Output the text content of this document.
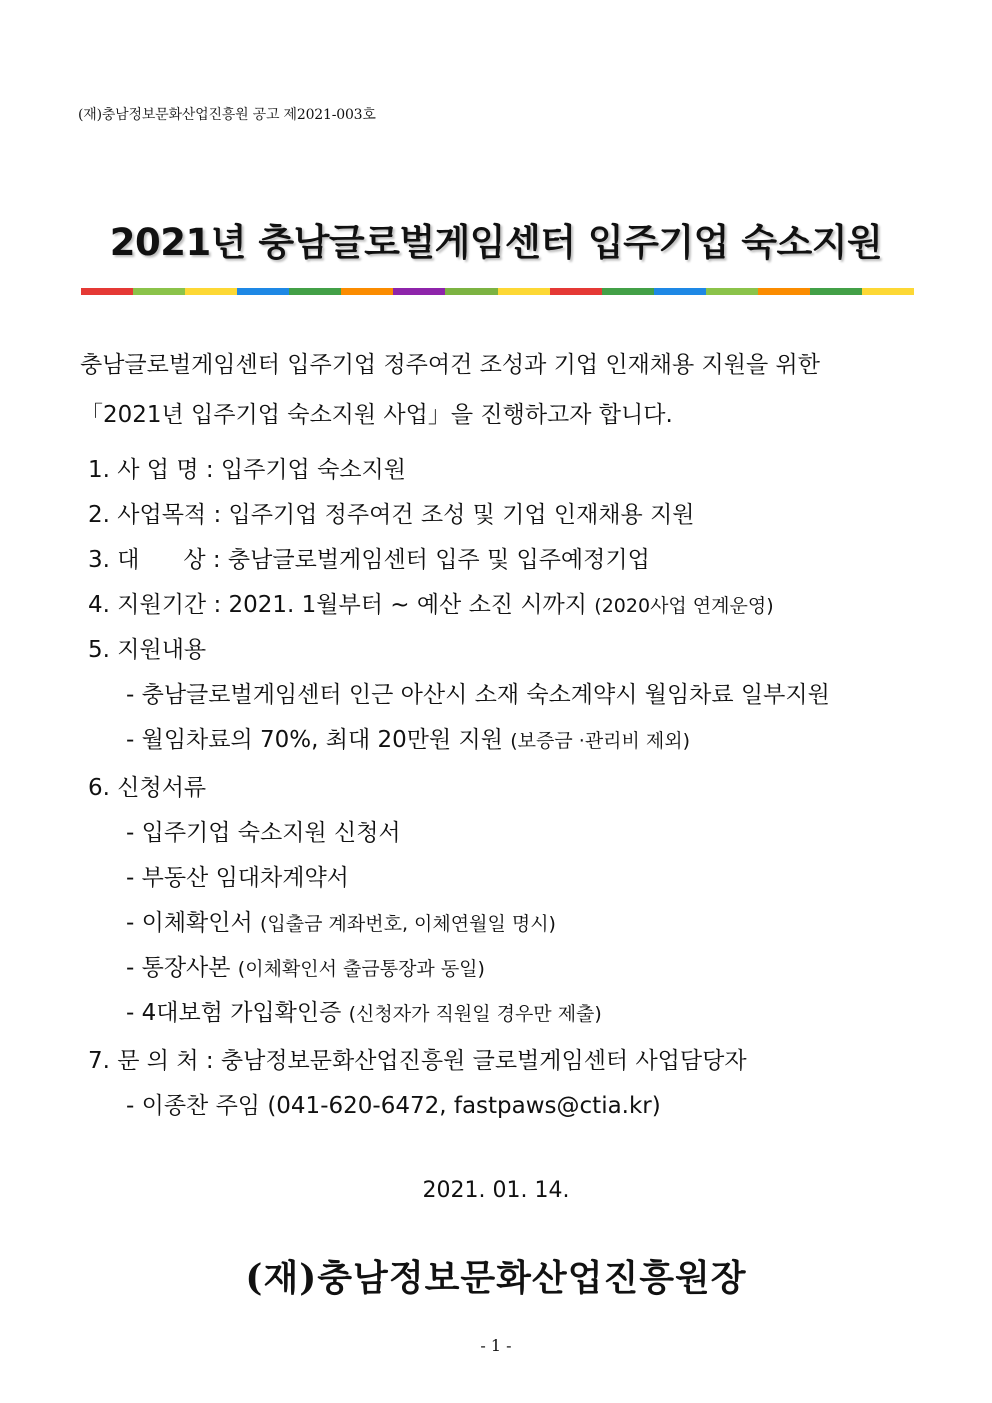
(재)충남정보문화산업진흥원 공고 제2021-003호
2021년 충남글로벌게임센터 입주기업 숙소지원
충남글로벌게임센터 입주기업 정주여건 조성과 기업 인재채용 지원을 위한
「2021년 입주기업 숙소지원 사업」을 진행하고자 합니다.
1. 사 업 명 : 입주기업 숙소지원
2. 사업목적 : 입주기업 정주여건 조성 및 기업 인재채용 지원
3. 대      상 : 충남글로벌게임센터 입주 및 입주예정기업
4. 지원기간 : 2021. 1월부터 ~ 예산 소진 시까지 (2020사업 연계운영)
5. 지원내용
- 충남글로벌게임센터 인근 아산시 소재 숙소계약시 월임차료 일부지원
- 월임차료의 70%, 최대 20만원 지원 (보증금 ·관리비 제외)
6. 신청서류
- 입주기업 숙소지원 신청서
- 부동산 임대차계약서
- 이체확인서 (입출금 계좌번호, 이체연월일 명시)
- 통장사본 (이체확인서 출금통장과 동일)
- 4대보험 가입확인증 (신청자가 직원일 경우만 제출)
7. 문 의 처 : 충남정보문화산업진흥원 글로벌게임센터 사업담당자
- 이종찬 주임 (041-620-6472, fastpaws@ctia.kr)
2021. 01. 14.
(재)충남정보문화산업진흥원장
- 1 -
